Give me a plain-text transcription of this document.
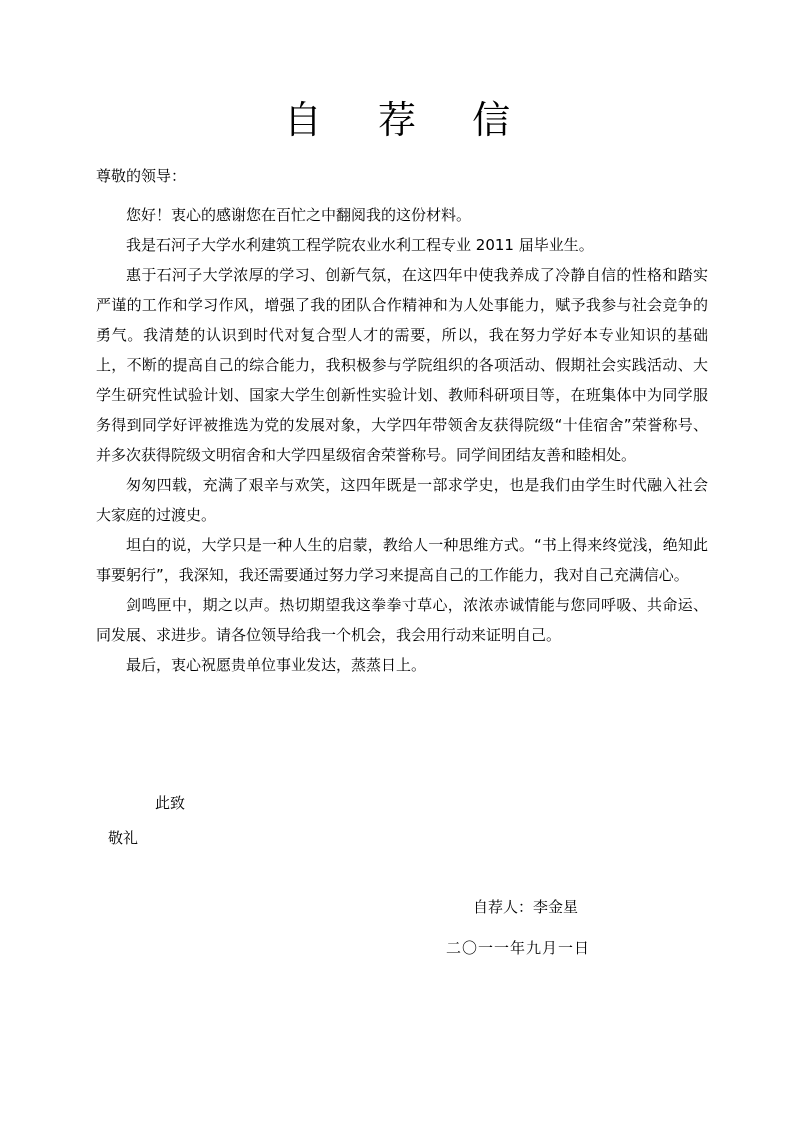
自 荐 信

尊敬的领导：

您好！衷心的感谢您在百忙之中翻阅我的这份材料。

我是石河子大学水利建筑工程学院农业水利工程专业 2011 届毕业生。

惠于石河子大学浓厚的学习、创新气氛，在这四年中使我养成了冷静自信的性格和踏实严谨的工作和学习作风，增强了我的团队合作精神和为人处事能力，赋予我参与社会竞争的勇气。我清楚的认识到时代对复合型人才的需要，所以，我在努力学好本专业知识的基础上，不断的提高自己的综合能力，我积极参与学院组织的各项活动、假期社会实践活动、大学生研究性试验计划、国家大学生创新性实验计划、教师科研项目等，在班集体中为同学服务得到同学好评被推选为党的发展对象，大学四年带领舍友获得院级“十佳宿舍”荣誉称号、并多次获得院级文明宿舍和大学四星级宿舍荣誉称号。同学间团结友善和睦相处。

匆匆四载，充满了艰辛与欢笑，这四年既是一部求学史，也是我们由学生时代融入社会大家庭的过渡史。

坦白的说，大学只是一种人生的启蒙，教给人一种思维方式。“书上得来终觉浅，绝知此事要躬行”，我深知，我还需要通过努力学习来提高自己的工作能力，我对自己充满信心。

剑鸣匣中，期之以声。热切期望我这拳拳寸草心，浓浓赤诚情能与您同呼吸、共命运、同发展、求进步。请各位领导给我一个机会，我会用行动来证明自己。

最后，衷心祝愿贵单位事业发达，蒸蒸日上。

此致

敬礼

自荐人：李金星

二〇一一年九月一日
